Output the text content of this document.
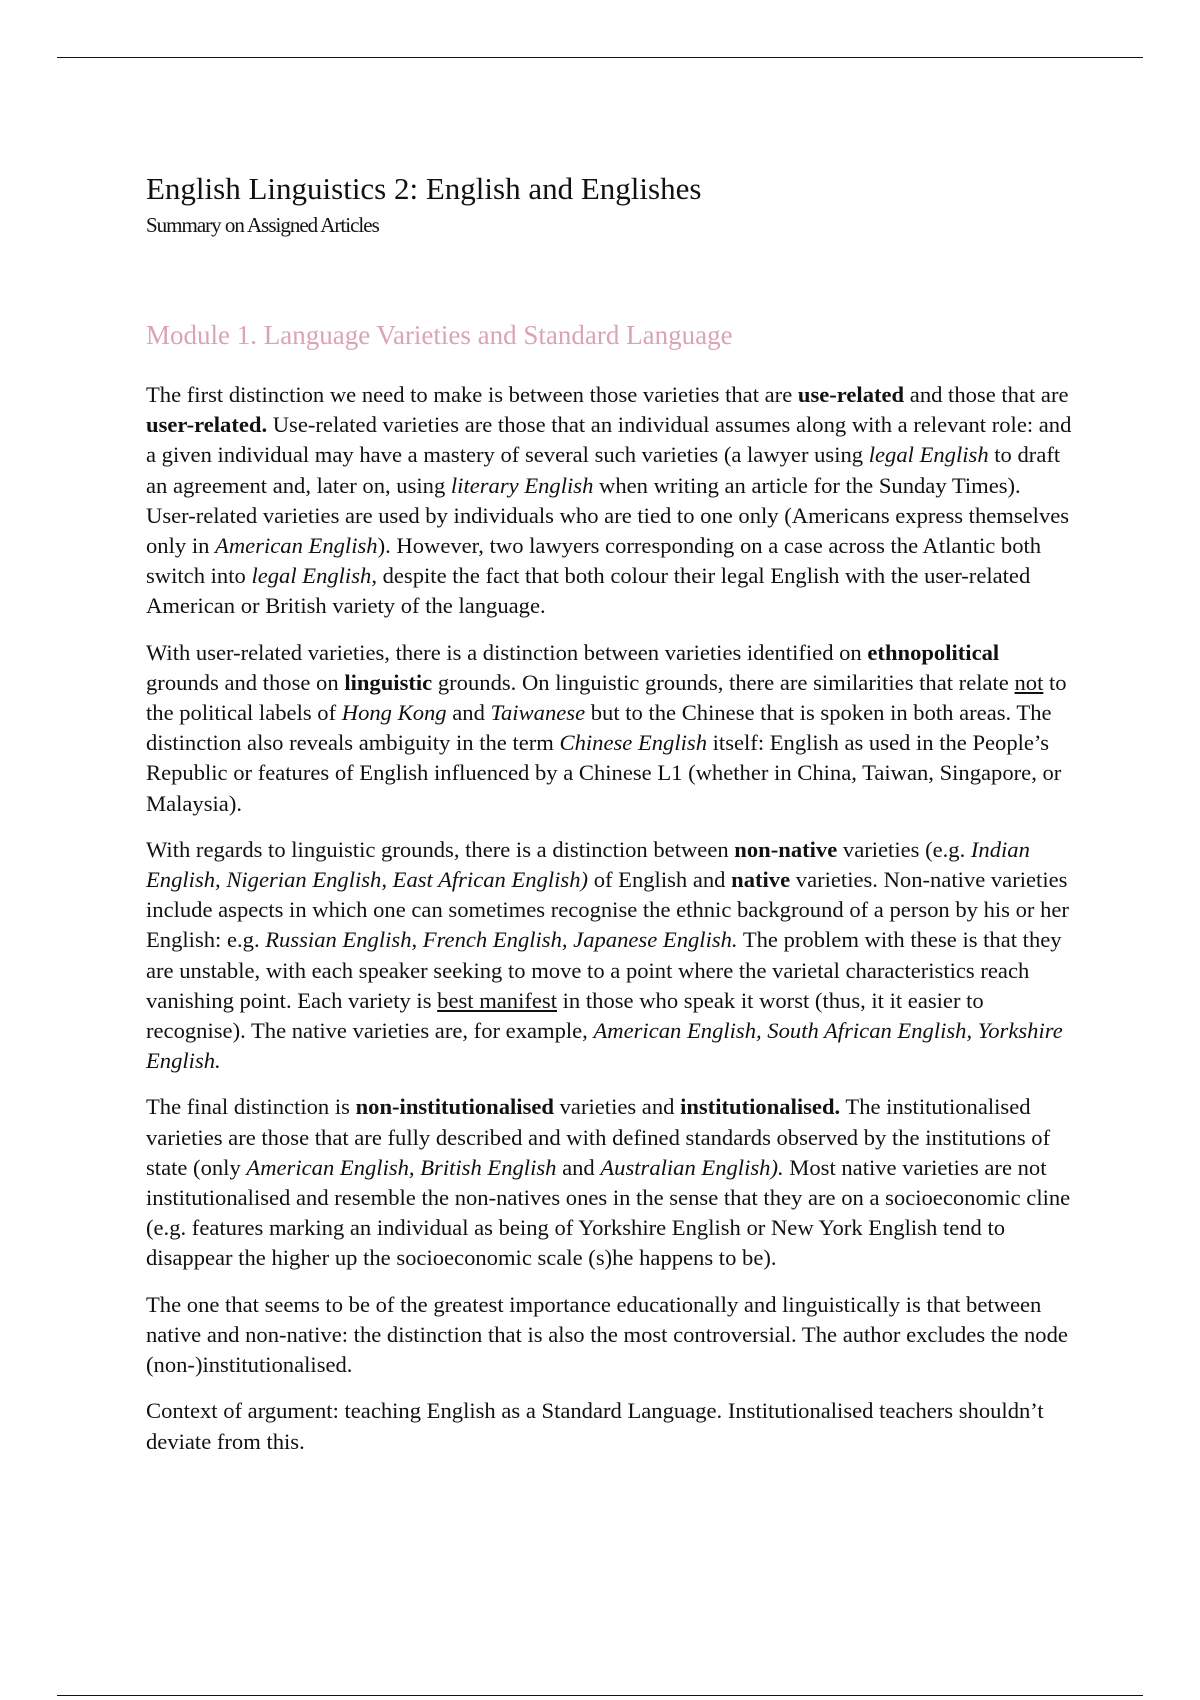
English Linguistics 2: English and Englishes
Summary on Assigned Articles
Module 1. Language Varieties and Standard Language

The first distinction we need to make is between those varieties that are use-related and those that are user-related. Use-related varieties are those that an individual assumes along with a relevant role: and a given individual may have a mastery of several such varieties (a lawyer using legal English to draft an agreement and, later on, using literary English when writing an article for the Sunday Times). User-related varieties are used by individuals who are tied to one only (Americans express themselves only in American English). However, two lawyers corresponding on a case across the Atlantic both switch into legal English, despite the fact that both colour their legal English with the user-related American or British variety of the language.

With user-related varieties, there is a distinction between varieties identified on ethnopolitical grounds and those on linguistic grounds. On linguistic grounds, there are similarities that relate not to the political labels of Hong Kong and Taiwanese but to the Chinese that is spoken in both areas. The distinction also reveals ambiguity in the term Chinese English itself: English as used in the People’s Republic or features of English influenced by a Chinese L1 (whether in China, Taiwan, Singapore, or Malaysia).

With regards to linguistic grounds, there is a distinction between non-native varieties (e.g. Indian English, Nigerian English, East African English) of English and native varieties. Non-native varieties include aspects in which one can sometimes recognise the ethnic background of a person by his or her English: e.g. Russian English, French English, Japanese English. The problem with these is that they are unstable, with each speaker seeking to move to a point where the varietal characteristics reach vanishing point. Each variety is best manifest in those who speak it worst (thus, it it easier to recognise). The native varieties are, for example, American English, South African English, Yorkshire English.

The final distinction is non-institutionalised varieties and institutionalised. The institutionalised varieties are those that are fully described and with defined standards observed by the institutions of state (only American English, British English and Australian English). Most native varieties are not institutionalised and resemble the non-natives ones in the sense that they are on a socioeconomic cline (e.g. features marking an individual as being of Yorkshire English or New York English tend to disappear the higher up the socioeconomic scale (s)he happens to be).

The one that seems to be of the greatest importance educationally and linguistically is that between native and non-native: the distinction that is also the most controversial. The author excludes the node (non-)institutionalised.

Context of argument: teaching English as a Standard Language. Institutionalised teachers shouldn’t deviate from this.
